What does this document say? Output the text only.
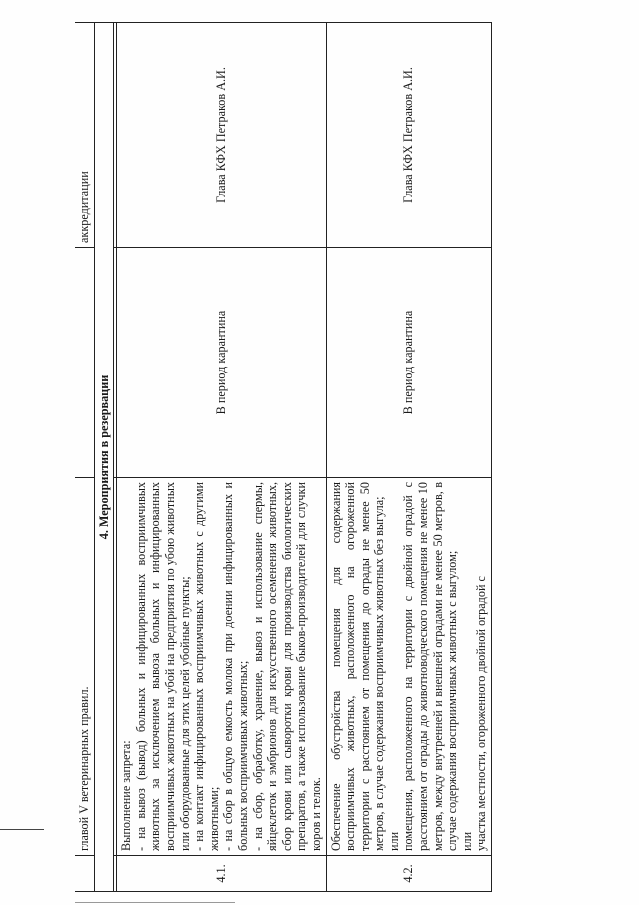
	главой V ветеринарных правил.		аккредитации
4. Мероприятия в резервации			

4.1.	Выполнение запрета: - на вывоз (вывод) больных и инфицированных восприимчивых животных за исключением вывоза больных и инфицированных восприимчивых животных на убой на предприятия по убою животных или оборудованные для этих целей убойные пункты; - на контакт инфицированных восприимчивых животных с другими животными; - на сбор в общую емкость молока при доении инфицированных и больных восприимчивых животных; - на сбор, обработку, хранение, вывоз и использование спермы, яйцеклеток и эмбрионов для искусственного осеменения животных, сбор крови или сыворотки крови для производства биологических препаратов, а также использование быков-производителей для случки коров и телок.	В период карантина	Глава КФХ Петраков А.И.
4.2.	Обеспечение обустройства помещения для содержания восприимчивых животных, расположенного на огороженной территории с расстоянием от помещения до ограды не менее 50 метров, в случае содержания восприимчивых животных без выгула; или помещения, расположенного на территории с двойной оградой с расстоянием от ограды до животноводческого помещения не менее 10 метров, между внутренней и внешней оградами не менее 50 метров, в случае содержания восприимчивых животных с выгулом; или участка местности, огороженного двойной оградой с	В период карантина	Глава КФХ Петраков А.И.
